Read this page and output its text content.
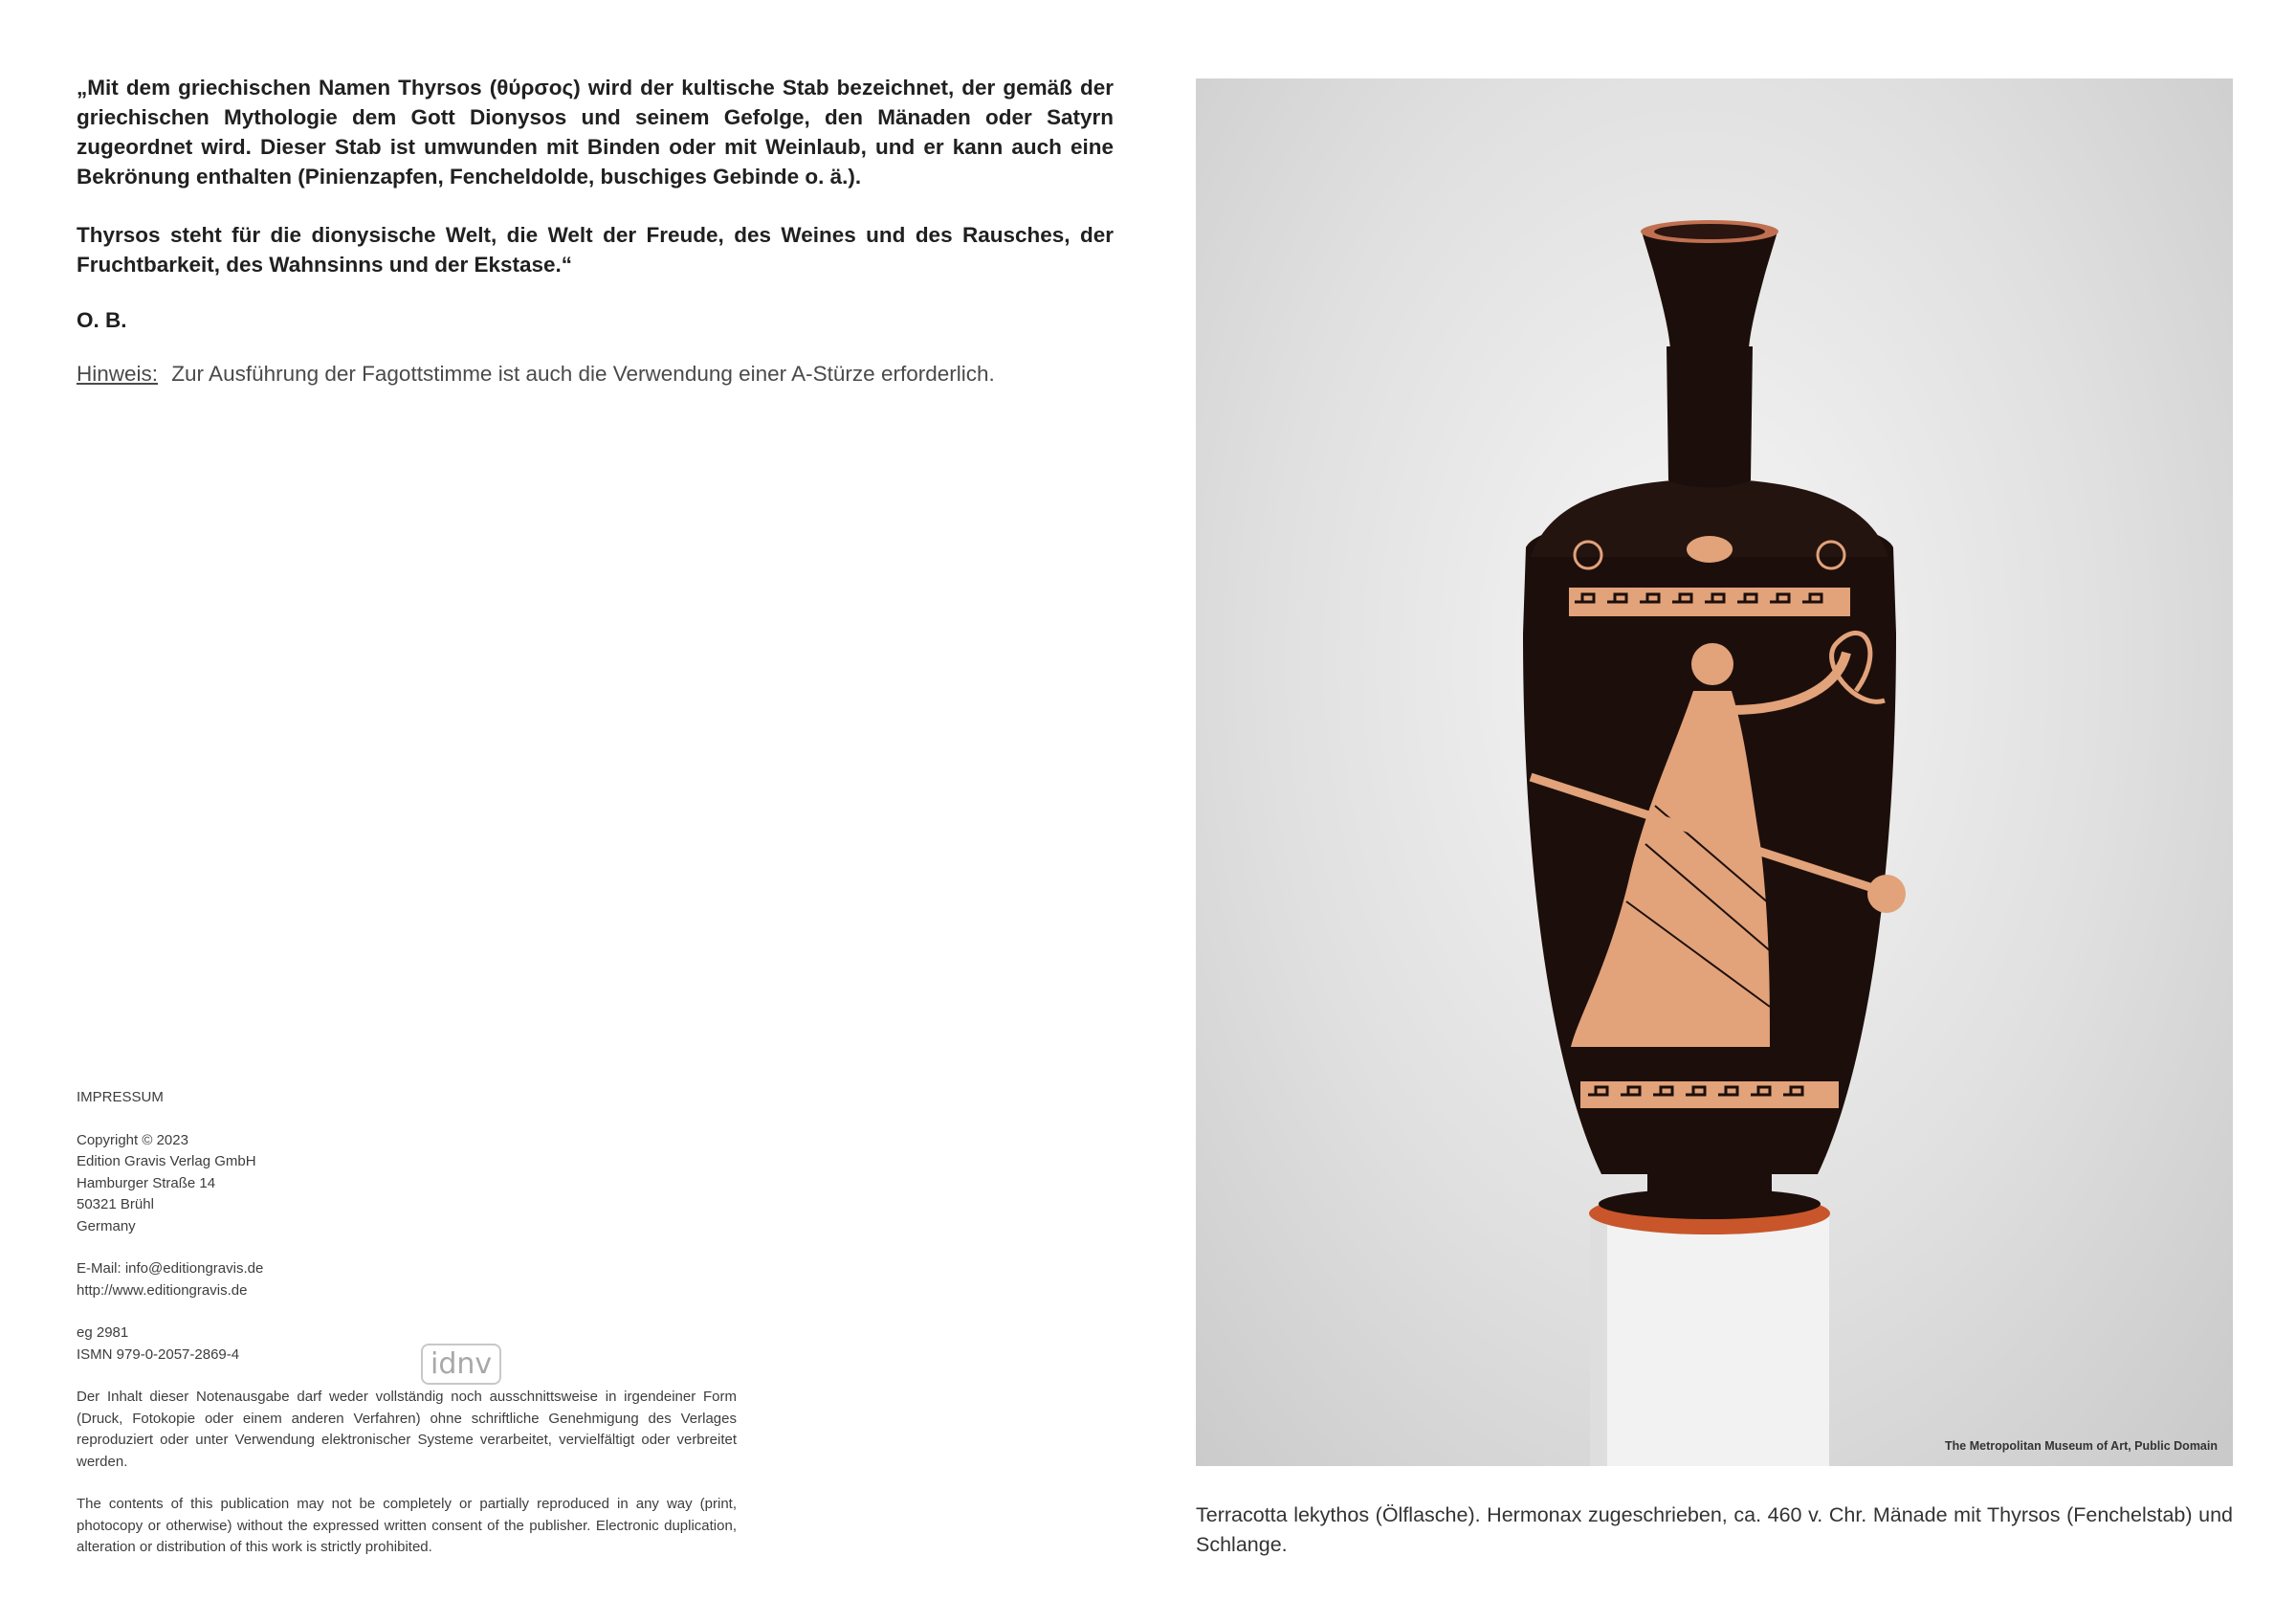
„Mit dem griechischen Namen Thyrsos (θύρσος) wird der kultische Stab bezeichnet, der gemäß der griechischen Mythologie dem Gott Dionysos und seinem Gefolge, den Mänaden oder Satyrn zugeordnet wird. Dieser Stab ist umwunden mit Binden oder mit Weinlaub, und er kann auch eine Bekrönung enthalten (Pinienzapfen, Fencheldolde, buschiges Gebinde o. ä.).

Thyrsos steht für die dionysische Welt, die Welt der Freude, des Weines und des Rausches, der Fruchtbarkeit, des Wahnsinns und der Ekstase.“

O. B.
Hinweis: Zur Ausführung der Fagottstimme ist auch die Verwendung einer A-Stürze erforderlich.
IMPRESSUM
Copyright © 2023
Edition Gravis Verlag GmbH
Hamburger Straße 14
50321 Brühl
Germany
E-Mail: info@editiongravis.de
http://www.editiongravis.de
eg 2981
ISMN 979-0-2057-2869-4

Der Inhalt dieser Notenausgabe darf weder vollständig noch ausschnittsweise in irgendeiner Form (Druck, Fotokopie oder einem anderen Verfahren) ohne schriftliche Genehmigung des Verlages reproduziert oder unter Verwendung elektronischer Systeme verarbeitet, vervielfältigt oder verbreitet werden.

The contents of this publication may not be completely or partially reproduced in any way (print, photocopy or otherwise) without the expressed written consent of the publisher. Electronic duplication, alteration or distribution of this work is strictly prohibited.

idnv
The Metropolitan Museum of Art, Public Domain
Terracotta lekythos (Ölflasche). Hermonax zugeschrieben, ca. 460 v. Chr. Mänade mit Thyrsos (Fenchelstab) und Schlange.
